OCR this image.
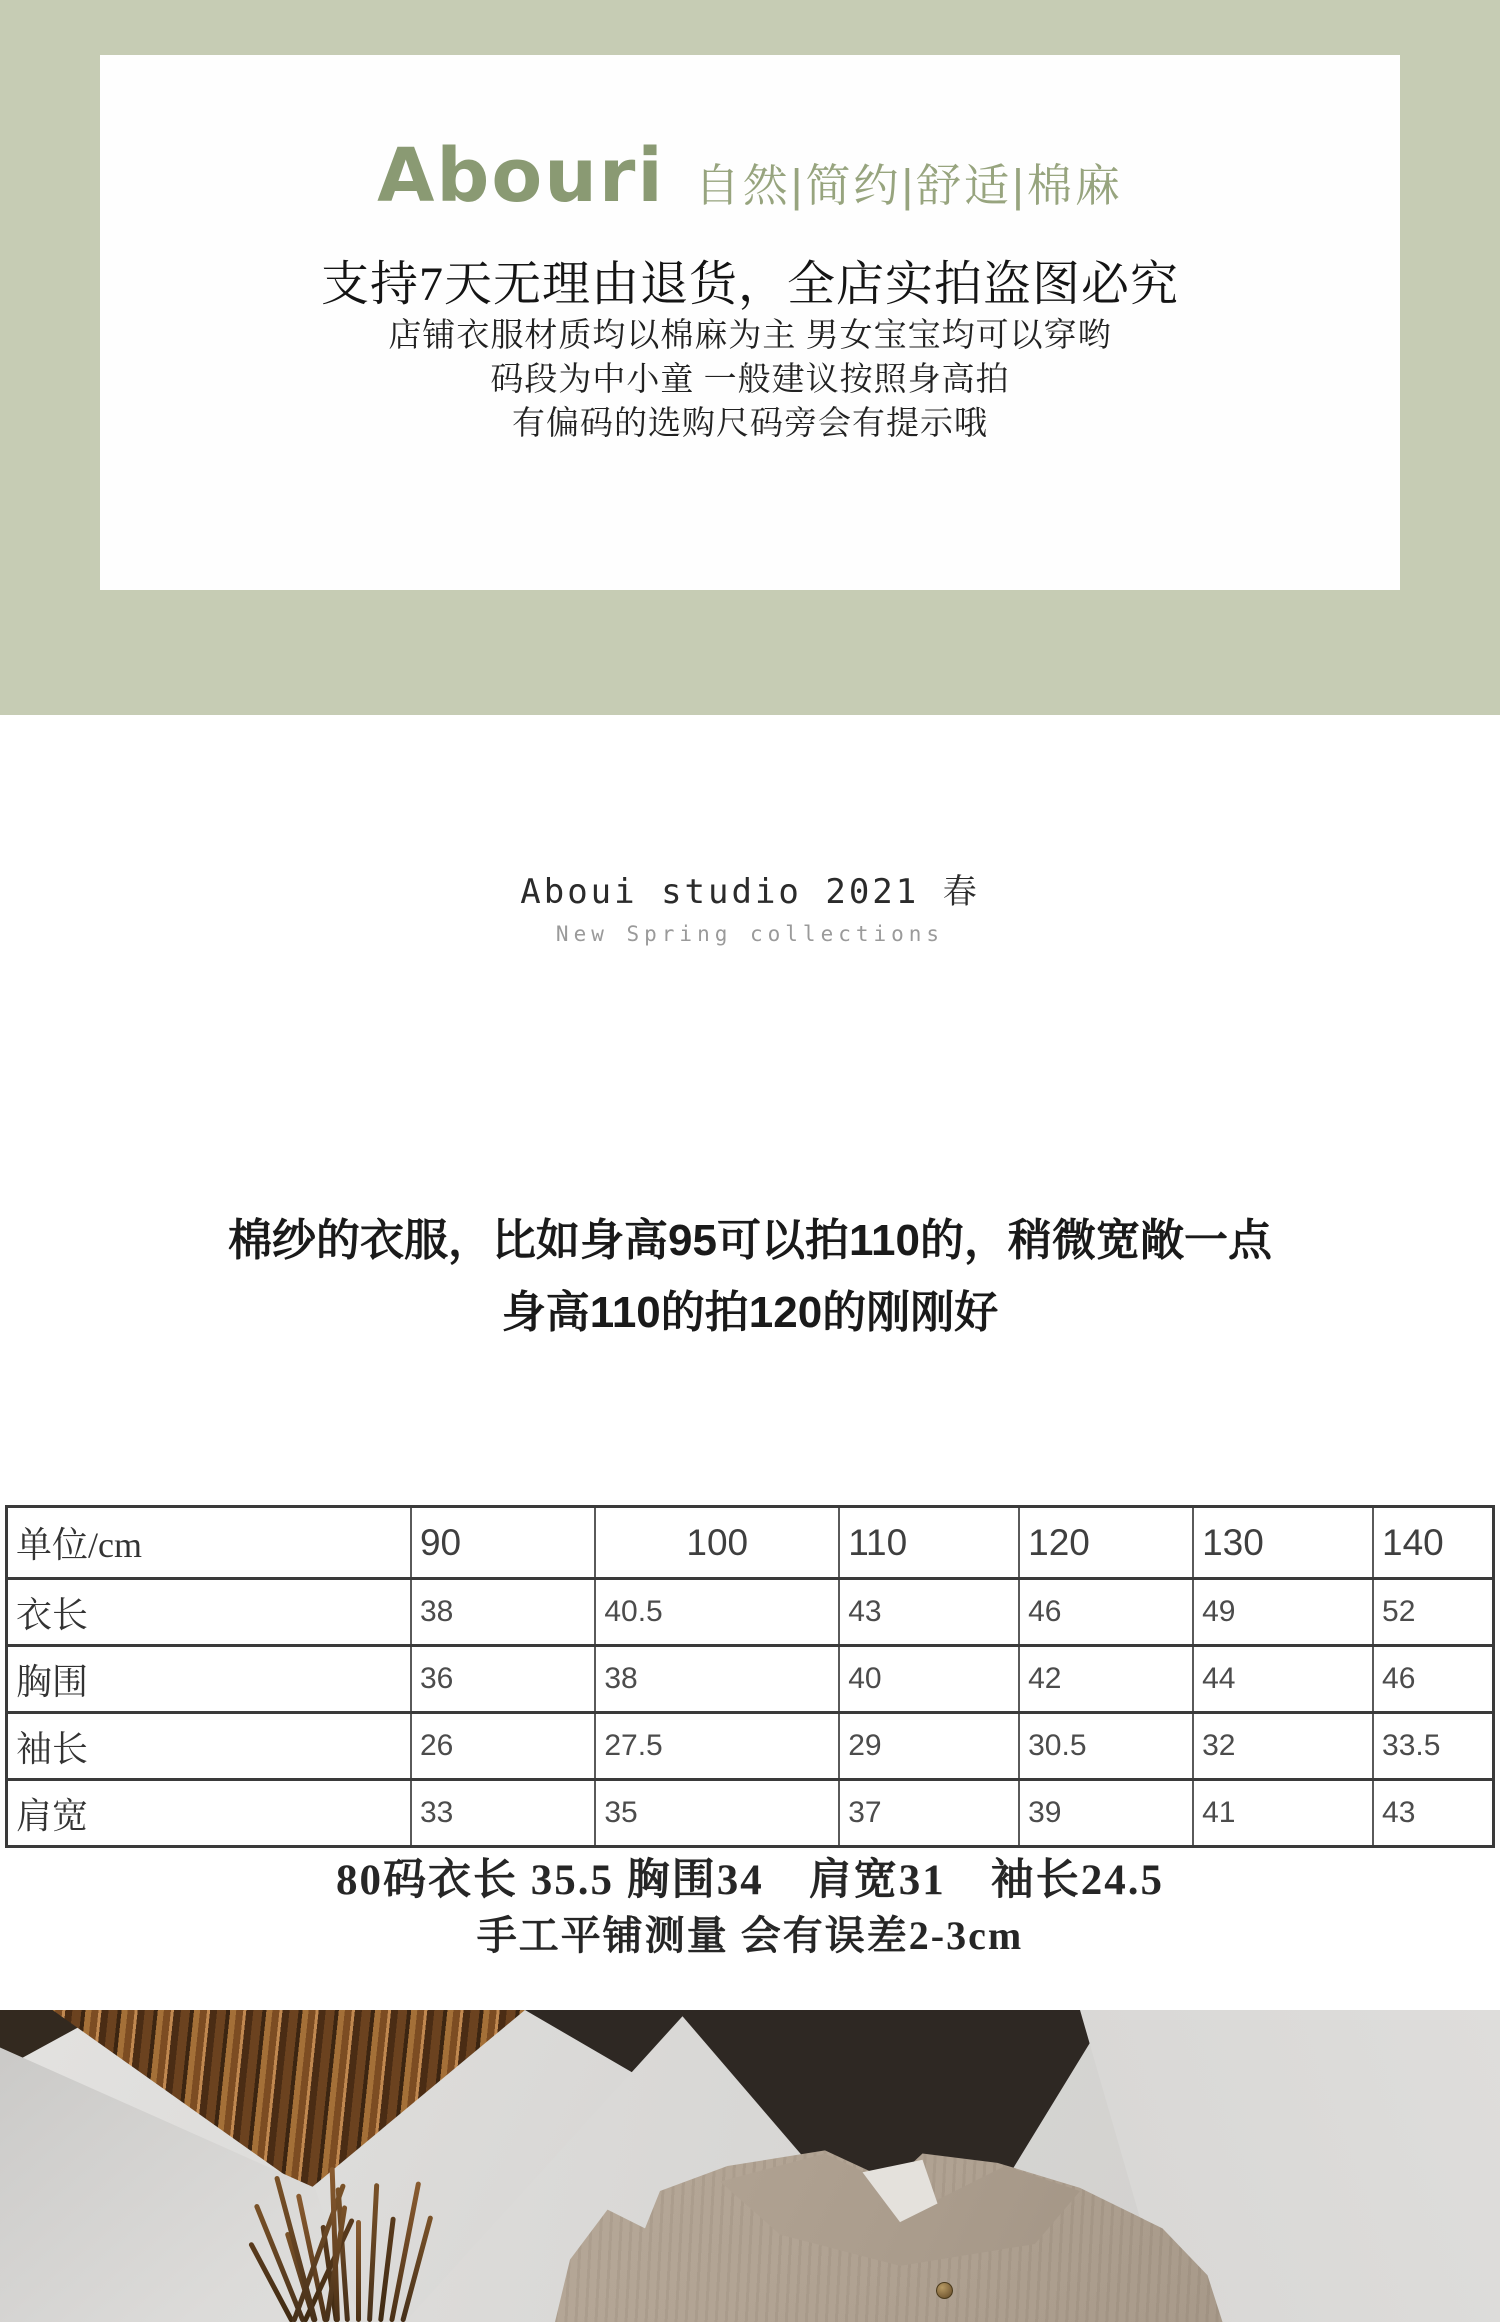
Abouri 自然|简约|舒适|棉麻
支持7天无理由退货，全店实拍盗图必究
店铺衣服材质均以棉麻为主 男女宝宝均可以穿哟
码段为中小童 一般建议按照身高拍
有偏码的选购尺码旁会有提示哦
Aboui studio 2021 春
New Spring collections
棉纱的衣服，比如身高95可以拍110的，稍微宽敞一点
身高110的拍120的刚刚好
单位/cm	90	100	110	120	130	140
衣长	38	40.5	43	46	49	52
胸围	36	38	40	42	44	46
袖长	26	27.5	29	30.5	32	33.5
肩宽	33	35	37	39	41	43
80码衣长 35.5 胸围34　肩宽31　袖长24.5
手工平铺测量 会有误差2-3cm
